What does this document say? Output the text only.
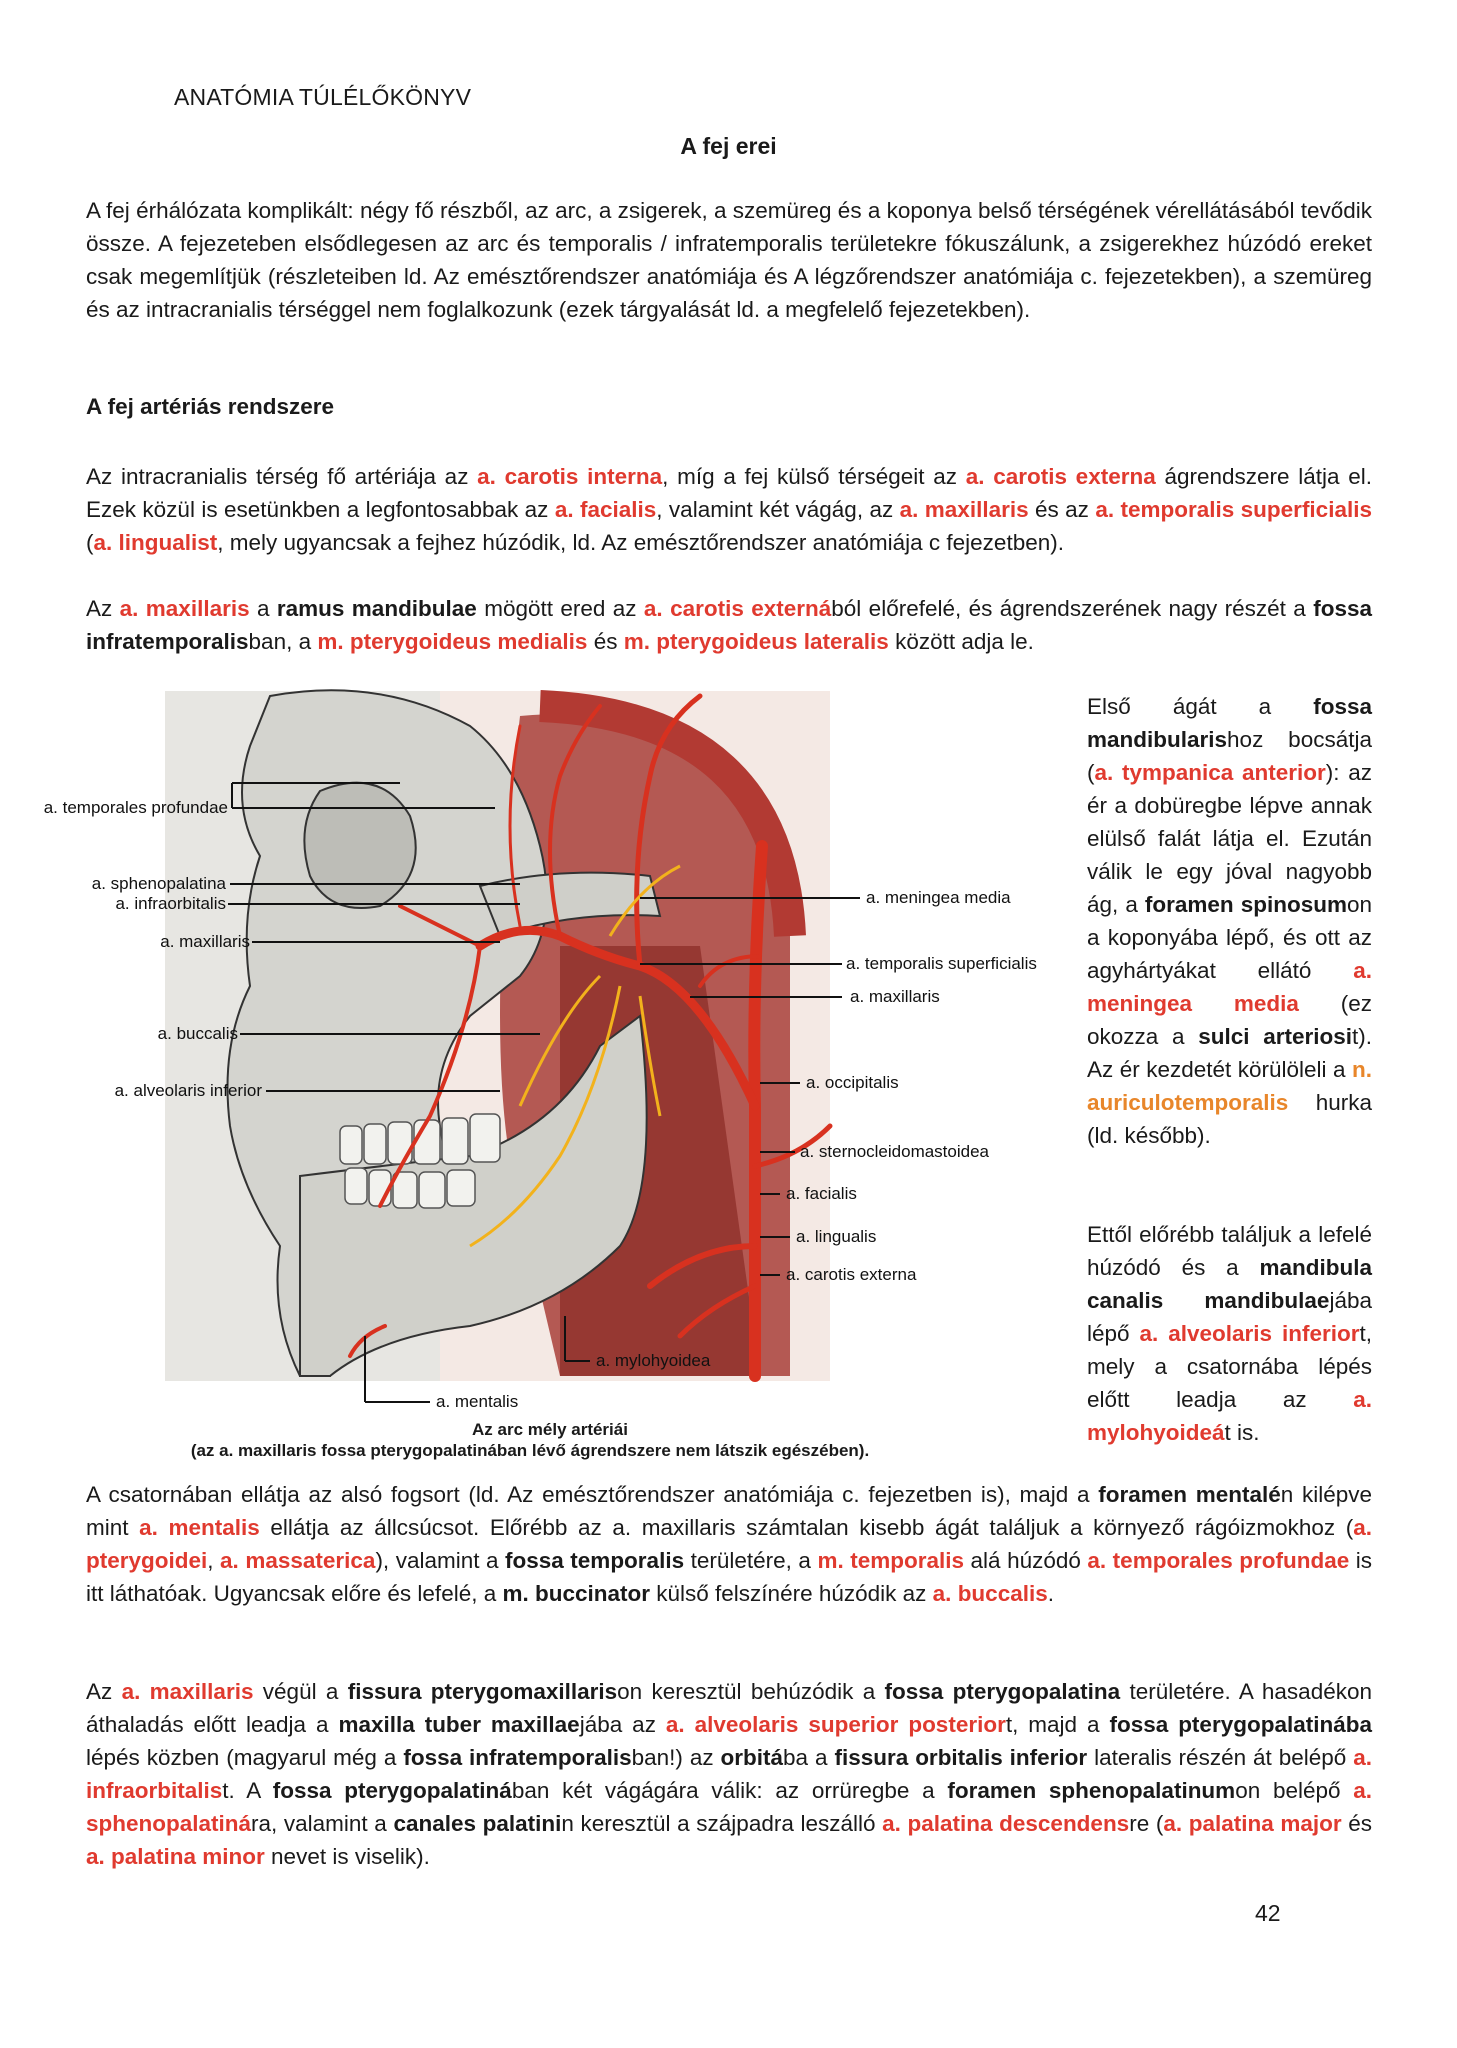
ANATÓMIA TÚLÉLŐKÖNYV
A fej erei

A fej érhálózata komplikált: négy fő részből, az arc, a zsigerek, a szemüreg és a koponya belső térségének vérellátásából tevődik össze. A fejezeteben elsődlegesen az arc és temporalis / infratemporalis területekre fókuszálunk, a zsigerekhez húzódó ereket csak megemlítjük (részleteiben ld. Az emésztőrendszer anatómiája és A légzőrendszer anatómiája c. fejezetekben), a szemüreg és az intracranialis térséggel nem foglalkozunk (ezek tárgyalását ld. a megfelelő fejezetekben).

A fej artériás rendszere

Az intracranialis térség fő artériája az a. carotis interna, míg a fej külső térségeit az a. carotis externa ágrendszere látja el. Ezek közül is esetünkben a legfontosabbak az a. facialis, valamint két vágág, az a. maxillaris és az a. temporalis superficialis (a. lingualist, mely ugyancsak a fejhez húzódik, ld. Az emésztőrendszer anatómiája c fejezetben).

Az a. maxillaris a ramus mandibulae mögött ered az a. carotis externából előrefelé, és ágrendszerének nagy részét a fossa infratemporalisban, a m. pterygoideus medialis és m. pterygoideus lateralis között adja le.

a. temporales profundae
a. sphenopalatina
a. infraorbitalis
a. maxillaris
a. buccalis
a. alveolaris inferior
a. meningea media
a. temporalis superficialis
a. maxillaris
a. occipitalis
a. sternocleidomastoidea
a. facialis
a. lingualis
a. carotis externa
a. mylohyoidea
a. mentalis
Az arc mély artériái
(az a. maxillaris fossa pterygopalatinában lévő ágrendszere nem látszik egészében).

Első ágát a fossa mandibularishoz bocsátja (a. tympanica anterior): az ér a dobüregbe lépve annak elülső falát látja el. Ezután válik le egy jóval nagyobb ág, a foramen spinosumon a koponyába lépő, és ott az agyhártyákat ellátó a. meningea media (ez okozza a sulci arteriosit). Az ér kezdetét körülöleli a n. auriculotemporalis hurka (ld. később).

Ettől előrébb találjuk a lefelé húzódó és a mandibula canalis mandibulaejába lépő a. alveolaris inferiort, mely a csatornába lépés előtt leadja az a. mylohyoideát is.

A csatornában ellátja az alsó fogsort (ld. Az emésztőrendszer anatómiája c. fejezetben is), majd a foramen mentalén kilépve mint a. mentalis ellátja az állcsúcsot. Előrébb az a. maxillaris számtalan kisebb ágát találjuk a környező rágóizmokhoz (a. pterygoidei, a. massaterica), valamint a fossa temporalis területére, a m. temporalis alá húzódó a. temporales profundae is itt láthatóak. Ugyancsak előre és lefelé, a m. buccinator külső felszínére húzódik az a. buccalis.

Az a. maxillaris végül a fissura pterygomaxillarison keresztül behúzódik a fossa pterygopalatina területére. A hasadékon áthaladás előtt leadja a maxilla tuber maxillaejába az a. alveolaris superior posteriort, majd a fossa pterygopalatinába lépés közben (magyarul még a fossa infratemporalisban!) az orbitába a fissura orbitalis inferior lateralis részén át belépő a. infraorbitalist. A fossa pterygopalatinában két vágágára válik: az orrüregbe a foramen sphenopalatinumon belépő a. sphenopalatinára, valamint a canales palatinin keresztül a szájpadra leszálló a. palatina descendensre (a. palatina major és a. palatina minor nevet is viselik).

42
